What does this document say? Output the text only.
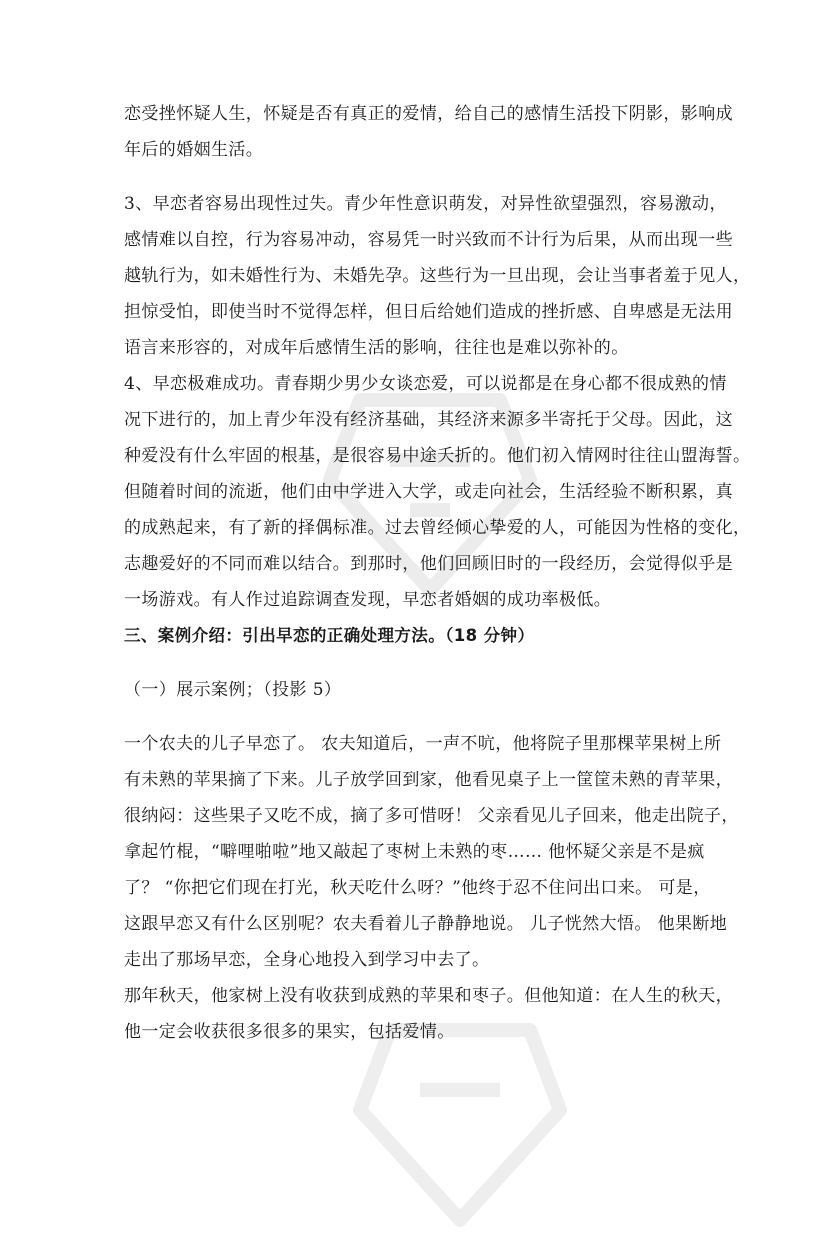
恋受挫怀疑人生，怀疑是否有真正的爱情，给自己的感情生活投下阴影，影响成
年后的婚姻生活。

3、早恋者容易出现性过失。青少年性意识萌发，对异性欲望强烈，容易激动，
感情难以自控，行为容易冲动，容易凭一时兴致而不计行为后果，从而出现一些
越轨行为，如未婚性行为、未婚先孕。这些行为一旦出现，会让当事者羞于见人，
担惊受怕，即使当时不觉得怎样，但日后给她们造成的挫折感、自卑感是无法用
语言来形容的，对成年后感情生活的影响，往往也是难以弥补的。

4、早恋极难成功。青春期少男少女谈恋爱，可以说都是在身心都不很成熟的情
况下进行的，加上青少年没有经济基础，其经济来源多半寄托于父母。因此，这
种爱没有什么牢固的根基，是很容易中途夭折的。他们初入情网时往往山盟海誓。
但随着时间的流逝，他们由中学进入大学，或走向社会，生活经验不断积累，真
的成熟起来，有了新的择偶标准。过去曾经倾心挚爱的人，可能因为性格的变化，
志趣爱好的不同而难以结合。到那时，他们回顾旧时的一段经历，会觉得似乎是
一场游戏。有人作过追踪调查发现，早恋者婚姻的成功率极低。

三、案例介绍：引出早恋的正确处理方法。（18 分钟）

（一）展示案例；（投影 5）

一个农夫的儿子早恋了。 农夫知道后，一声不吭，他将院子里那棵苹果树上所
有未熟的苹果摘了下来。儿子放学回到家，他看见桌子上一筐筐未熟的青苹果，
很纳闷：这些果子又吃不成，摘了多可惜呀！ 父亲看见儿子回来，他走出院子，
拿起竹棍，“噼哩啪啦”地又敲起了枣树上未熟的枣…… 他怀疑父亲是不是疯
了？ “你把它们现在打光，秋天吃什么呀？”他终于忍不住问出口来。 可是，
这跟早恋又有什么区别呢？农夫看着儿子静静地说。 儿子恍然大悟。 他果断地
走出了那场早恋，全身心地投入到学习中去了。

那年秋天，他家树上没有收获到成熟的苹果和枣子。但他知道：在人生的秋天，
他一定会收获很多很多的果实，包括爱情。
